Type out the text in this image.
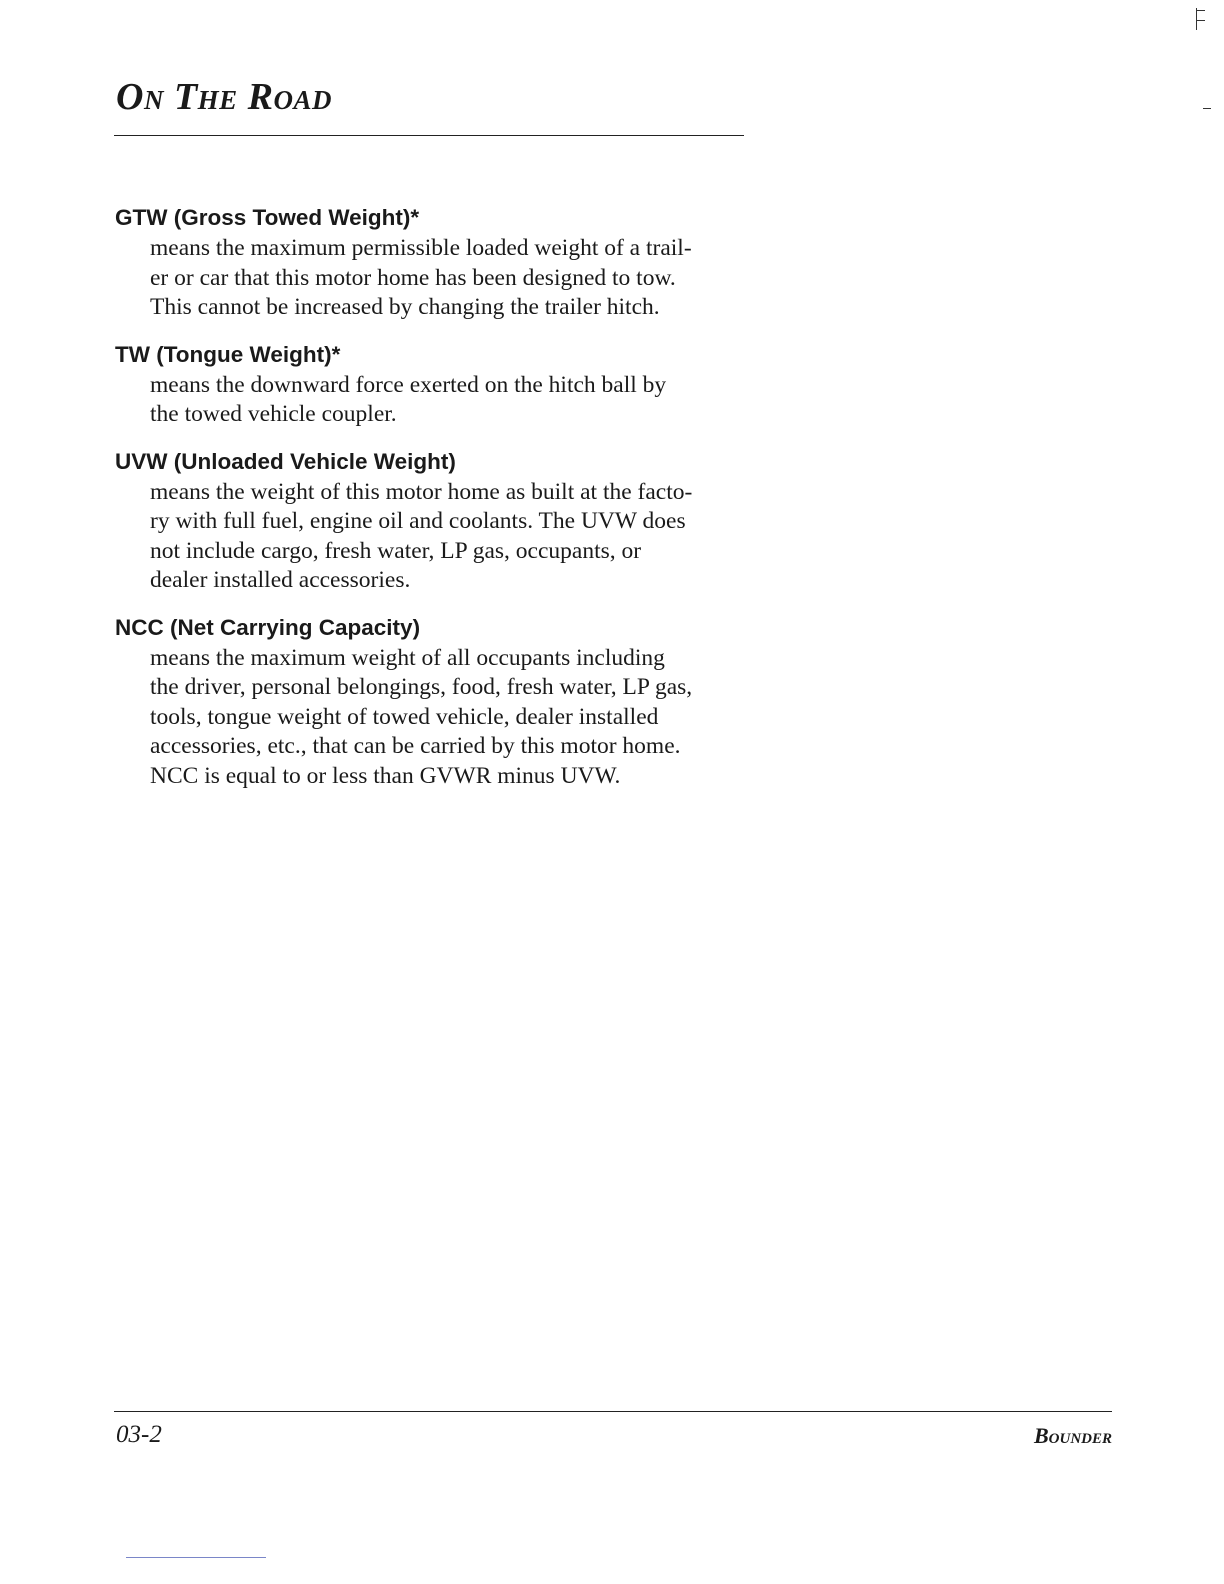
On The Road

GTW (Gross Towed Weight)*

means the maximum permissible loaded weight of a trail-
er or car that this motor home has been designed to tow.
This cannot be increased by changing the trailer hitch.

TW (Tongue Weight)*

means the downward force exerted on the hitch ball by
the towed vehicle coupler.

UVW (Unloaded Vehicle Weight)

means the weight of this motor home as built at the facto-
ry with full fuel, engine oil and coolants. The UVW does
not include cargo, fresh water, LP gas, occupants, or
dealer installed accessories.

NCC (Net Carrying Capacity)

means the maximum weight of all occupants including
the driver, personal belongings, food, fresh water, LP gas,
tools, tongue weight of towed vehicle, dealer installed
accessories, etc., that can be carried by this motor home.
NCC is equal to or less than GVWR minus UVW.

03-2	Bounder
